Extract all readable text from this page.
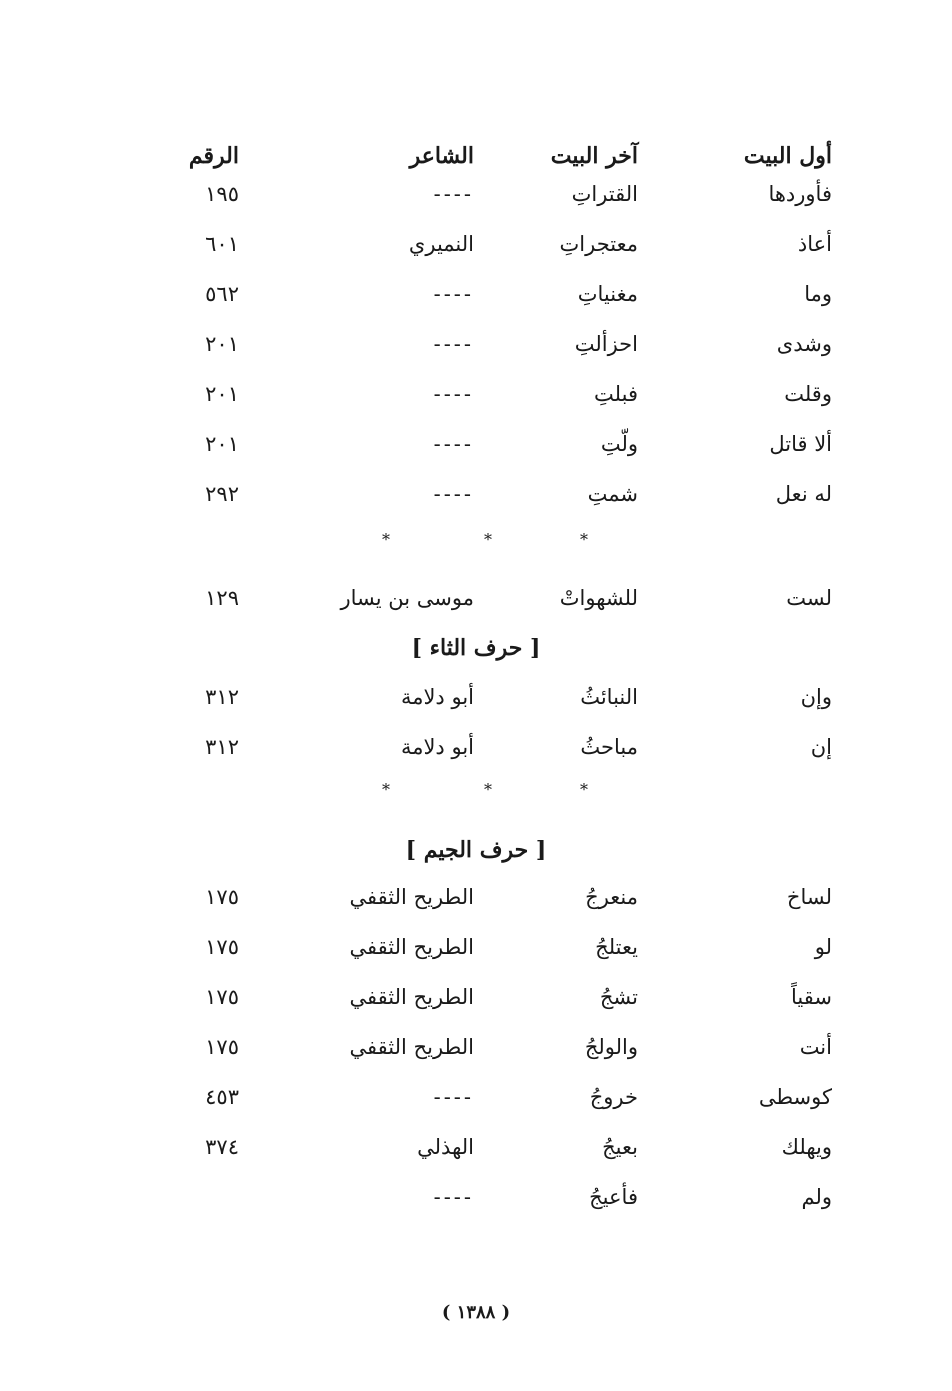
أول البيت
آخر البيت
الشاعر
الرقم
فأوردها
القتراتِ
----
١٩٥
أعاذ
معتجراتِ
النميري
٦٠١
وما
مغنياتِ
----
٥٦٢
وشدى
احزألتِ
----
٢٠١
وقلت
فبلتِ
----
٢٠١
ألا قاتل
ولّتِ
----
٢٠١
له نعل
شمتِ
----
٢٩٢
*
*
*
لست
للشهواتْ
موسى بن يسار
١٢٩
[ حرف الثاء ]
وإن
النبائثُ
أبو دلامة
٣١٢
إن
مباحثُ
أبو دلامة
٣١٢
*
*
*
[ حرف الجيم ]
لساخ
منعرجُ
الطريح الثقفي
١٧٥
لو
يعتلجُ
الطريح الثقفي
١٧٥
سقياً
تشجُ
الطريح الثقفي
١٧٥
أنت
والولجُ
الطريح الثقفي
١٧٥
كوسطى
خروجُ
----
٤٥٣
ويهلك
بعيجُ
الهذلي
٣٧٤
ولم
فأعيجُ
----
( ١٣٨٨ )
